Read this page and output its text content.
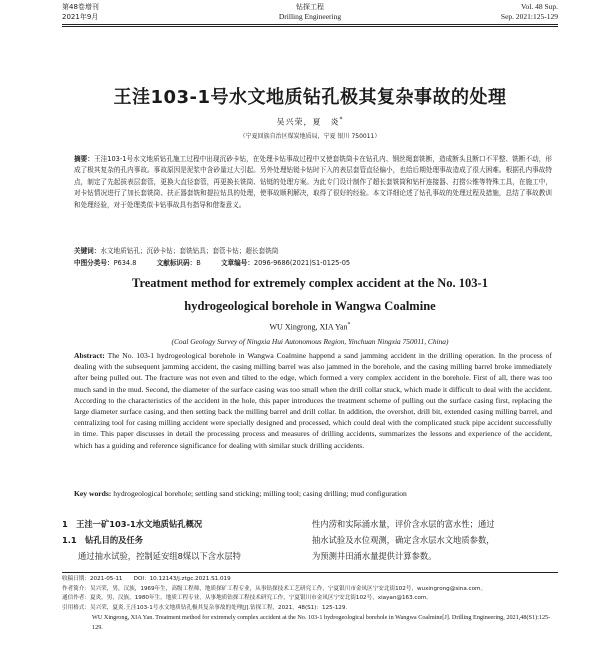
第48卷增刊
2021年9月
钻探工程
Drilling Engineering
Vol. 48 Sup.
Sep. 2021:125-129
王洼103-1号水文地质钻孔极其复杂事故的处理
吴兴荣，夏　炎*
（宁夏回族自治区煤炭地质局，宁夏 银川 750011）
摘要：王洼103-1号水文地质钻孔施工过程中出现沉砂卡钻，在处理卡钻事故过程中又使套铣筒卡在钻孔内、钢丝绳套铣断，造成断头且断口不平整、铣断不动，形成了极其复杂的孔内事故。事故原因是泥浆中含砂量过大引起。另外处理钻铤卡钻时下入的表层套管直径偏小，也给后期处理事故造成了很大困难。根据孔内事故特点，制定了先起拔表层套管，更换大直径套管，再更换长铣筒、钻铤的处理方案。为此专门设计制作了超长套铣筒和钻杆连接器、打捞公锥等特殊工具，在施工中，对卡钻情况进行了加长套铣筒、扶正器套铣和提拉钻具的处理，使事故顺利解决，取得了很好的经验。本文详细论述了钻孔事故的处理过程及措施，总结了事故教训和处理经验，对于处理类似卡钻事故具有指导和借鉴意义。
关键词：水文地质钻孔；沉砂卡钻；套铣钻具；套管卡钻；超长套铣筒
中图分类号：P634.8	文献标识码：B	文章编号：2096-9686(2021)S1-0125-05
Treatment method for extremely complex accident at the No. 103-1
hydrogeological borehole in Wangwa Coalmine
WU Xingrong, XIA Yan*
(Coal Geology Survey of Ningxia Hui Autonomous Region, Yinchuan Ningxia 750011, China)
Abstract: The No. 103-1 hydrogeological borehole in Wangwa Coalmine happend a sand jamming accident in the drilling operation. In the process of dealing with the subsequent jamming accident, the casing milling barrel was also jammed in the borehole, and the casing milling barrel broke immediately after being pulled out. The fracture was not even and tilted to the edge, which formed a very complex accident in the borehole. First of all, there was too much sand in the mud. Second, the diameter of the surface casing was too small when the drill collar stuck, which made it difficult to deal with the accident. According to the characteristics of the accident in the hole, this paper introduces the treatment scheme of pulling out the surface casing first, replacing the large diameter surface casing, and then setting back the milling barrel and drill collar. In addition, the overshot, drill bit, extended casing milling barrel, and centralizing tool for casing milling accident were specially designed and processed, which could deal with the complicated stuck pipe accident successfully in time. This paper discusses in detail the processing process and measures of drilling accidents, summarizes the lessons and experience of the accident, which has a guiding and reference significance for dealing with similar stuck drilling accidents.
Key words: hydrogeological borehole; settling sand sticking; milling tool; casing drilling; mud configuration
1　王洼一矿103-1水文地质钻孔概况
1.1　钻孔目的及任务
通过抽水试验，控制延安组8煤以下含水层特
性内涝和实际涌水量，评价含水层的富水性；通过
抽水试验及水位观测，确定含水层水文地质参数，
为预测井田涌水量提供计算参数。
收稿日期：2021-05-11　　DOI：10.12143/j.ztgc.2021.S1.019
作者简介：吴兴荣，男，汉族，1969年生，高级工程师，地质探矿工程专业，从事钻探技术工艺研究工作，宁夏银川市金凤区宁安北街102号，wuxingrong@sina.com。
通信作者：夏炎，男，汉族，1980年生，地质工程专业，从事地质钻探工程技术研究工作，宁夏银川市金凤区宁安北街102号，xiayan@163.com。
引用格式：吴兴荣，夏炎.王洼103-1号水文地质钻孔极其复杂事故的处理[J].钻探工程，2021，48(S1)：125-129.
WU Xingrong, XIA Yan. Treatment method for extremely complex accident at the No. 103-1 hydrogeological borehole in Wangwa Coalmine[J]. Drilling Engineering, 2021,48(S1):125-129.
